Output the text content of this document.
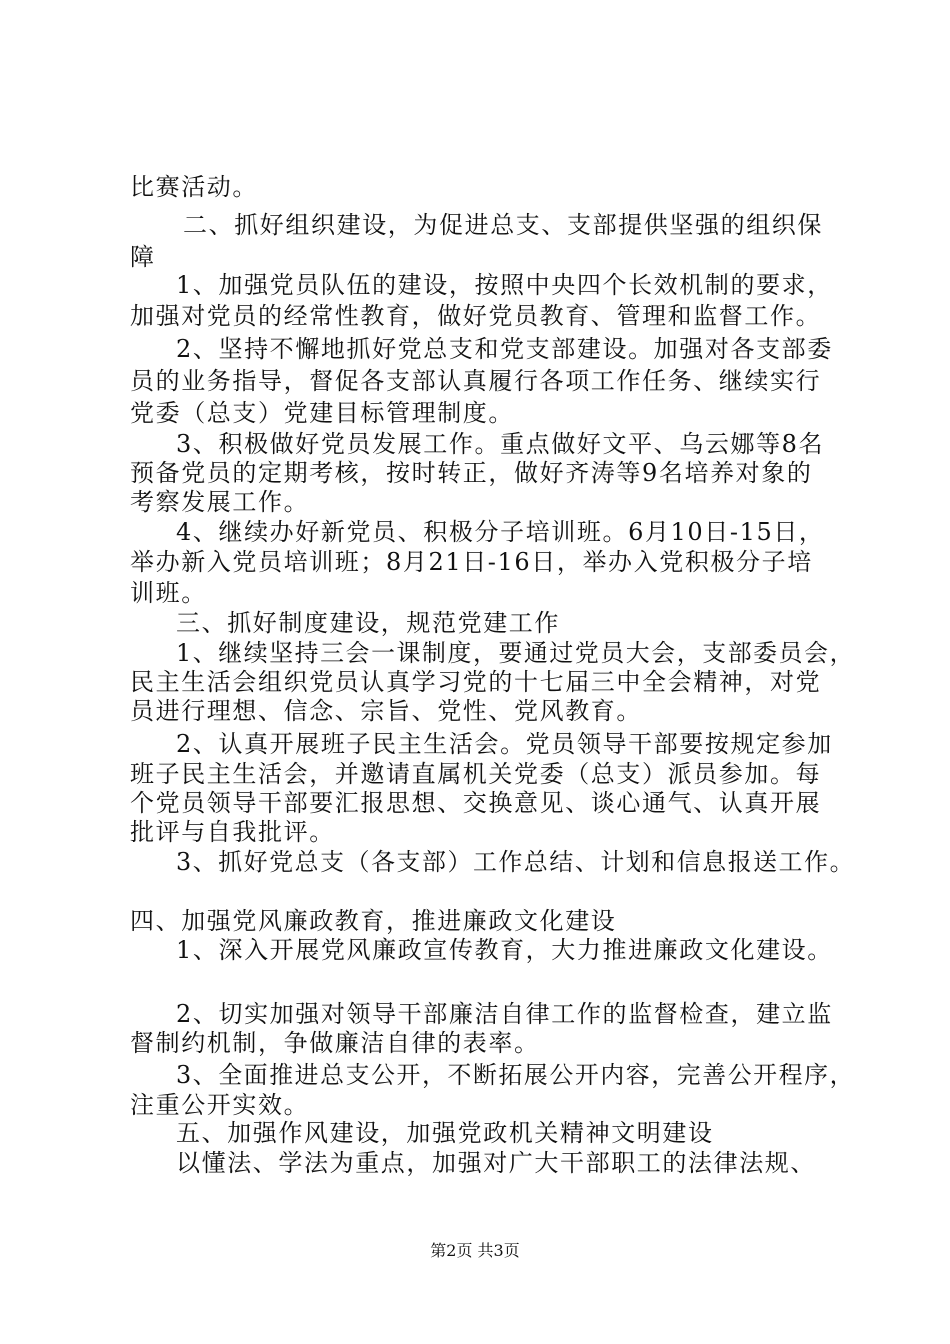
比赛活动。
二、抓好组织建设，为促进总支、支部提供坚强的组织保
障
1、加强党员队伍的建设，按照中央四个长效机制的要求，
加强对党员的经常性教育，做好党员教育、管理和监督工作。
2、坚持不懈地抓好党总支和党支部建设。加强对各支部委
员的业务指导，督促各支部认真履行各项工作任务、继续实行
党委（总支）党建目标管理制度。
3、积极做好党员发展工作。重点做好文平、乌云娜等8名
预备党员的定期考核，按时转正，做好齐涛等9名培养对象的
考察发展工作。
4、继续办好新党员、积极分子培训班。6月10日-15日，
举办新入党员培训班；8月21日-16日，举办入党积极分子培
训班。
三、抓好制度建设，规范党建工作
1、继续坚持三会一课制度，要通过党员大会，支部委员会，
民主生活会组织党员认真学习党的十七届三中全会精神，对党
员进行理想、信念、宗旨、党性、党风教育。
2、认真开展班子民主生活会。党员领导干部要按规定参加
班子民主生活会，并邀请直属机关党委（总支）派员参加。每
个党员领导干部要汇报思想、交换意见、谈心通气、认真开展
批评与自我批评。
3、抓好党总支（各支部）工作总结、计划和信息报送工作。
四、加强党风廉政教育，推进廉政文化建设
1、深入开展党风廉政宣传教育，大力推进廉政文化建设。
2、切实加强对领导干部廉洁自律工作的监督检查，建立监
督制约机制，争做廉洁自律的表率。
3、全面推进总支公开，不断拓展公开内容，完善公开程序，
注重公开实效。
五、加强作风建设，加强党政机关精神文明建设
以懂法、学法为重点，加强对广大干部职工的法律法规、
第2页 共3页
